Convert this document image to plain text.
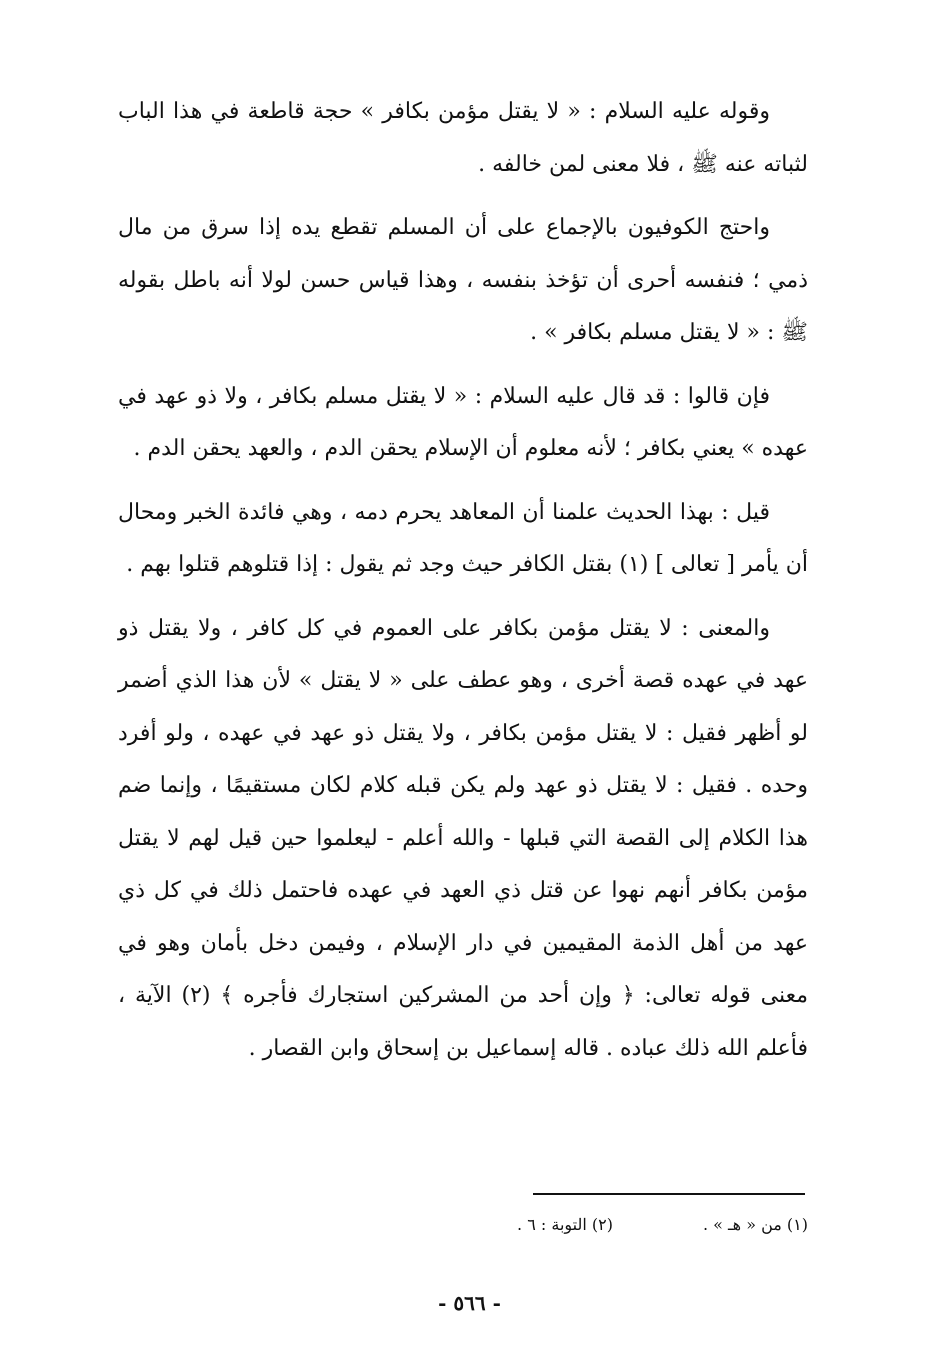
وقوله عليه السلام : « لا يقتل مؤمن بكافر » حجة قاطعة في هذا الباب لثباته عنه ﷺ ، فلا معنى لمن خالفه .

واحتج الكوفيون بالإجماع على أن المسلم تقطع يده إذا سرق من مال ذمي ؛ فنفسه أحرى أن تؤخذ بنفسه ، وهذا قياس حسن لولا أنه باطل بقوله ﷺ : « لا يقتل مسلم بكافر » .

فإن قالوا : قد قال عليه السلام : « لا يقتل مسلم بكافر ، ولا ذو عهد في عهده » يعني بكافر ؛ لأنه معلوم أن الإسلام يحقن الدم ، والعهد يحقن الدم .

قيل : بهذا الحديث علمنا أن المعاهد يحرم دمه ، وهي فائدة الخبر ومحال أن يأمر [ تعالى ] (١) بقتل الكافر حيث وجد ثم يقول : إذا قتلوهم قتلوا بهم .

والمعنى : لا يقتل مؤمن بكافر على العموم في كل كافر ، ولا يقتل ذو عهد في عهده قصة أخرى ، وهو عطف على « لا يقتل » لأن هذا الذي أضمر لو أظهر فقيل : لا يقتل مؤمن بكافر ، ولا يقتل ذو عهد في عهده ، ولو أفرد وحده . فقيل : لا يقتل ذو عهد ولم يكن قبله كلام لكان مستقيمًا ، وإنما ضم هذا الكلام إلى القصة التي قبلها - والله أعلم - ليعلموا حين قيل لهم لا يقتل مؤمن بكافر أنهم نهوا عن قتل ذي العهد في عهده فاحتمل ذلك في كل ذي عهد من أهل الذمة المقيمين في دار الإسلام ، وفيمن دخل بأمان وهو في معنى قوله تعالى: ﴿ وإن أحد من المشركين استجارك فأجره ﴾ (٢) الآية ، فأعلم الله ذلك عباده . قاله إسماعيل بن إسحاق وابن القصار .

(١) من « هـ » .
(٢) التوبة : ٦ .
- ٥٦٦ -
